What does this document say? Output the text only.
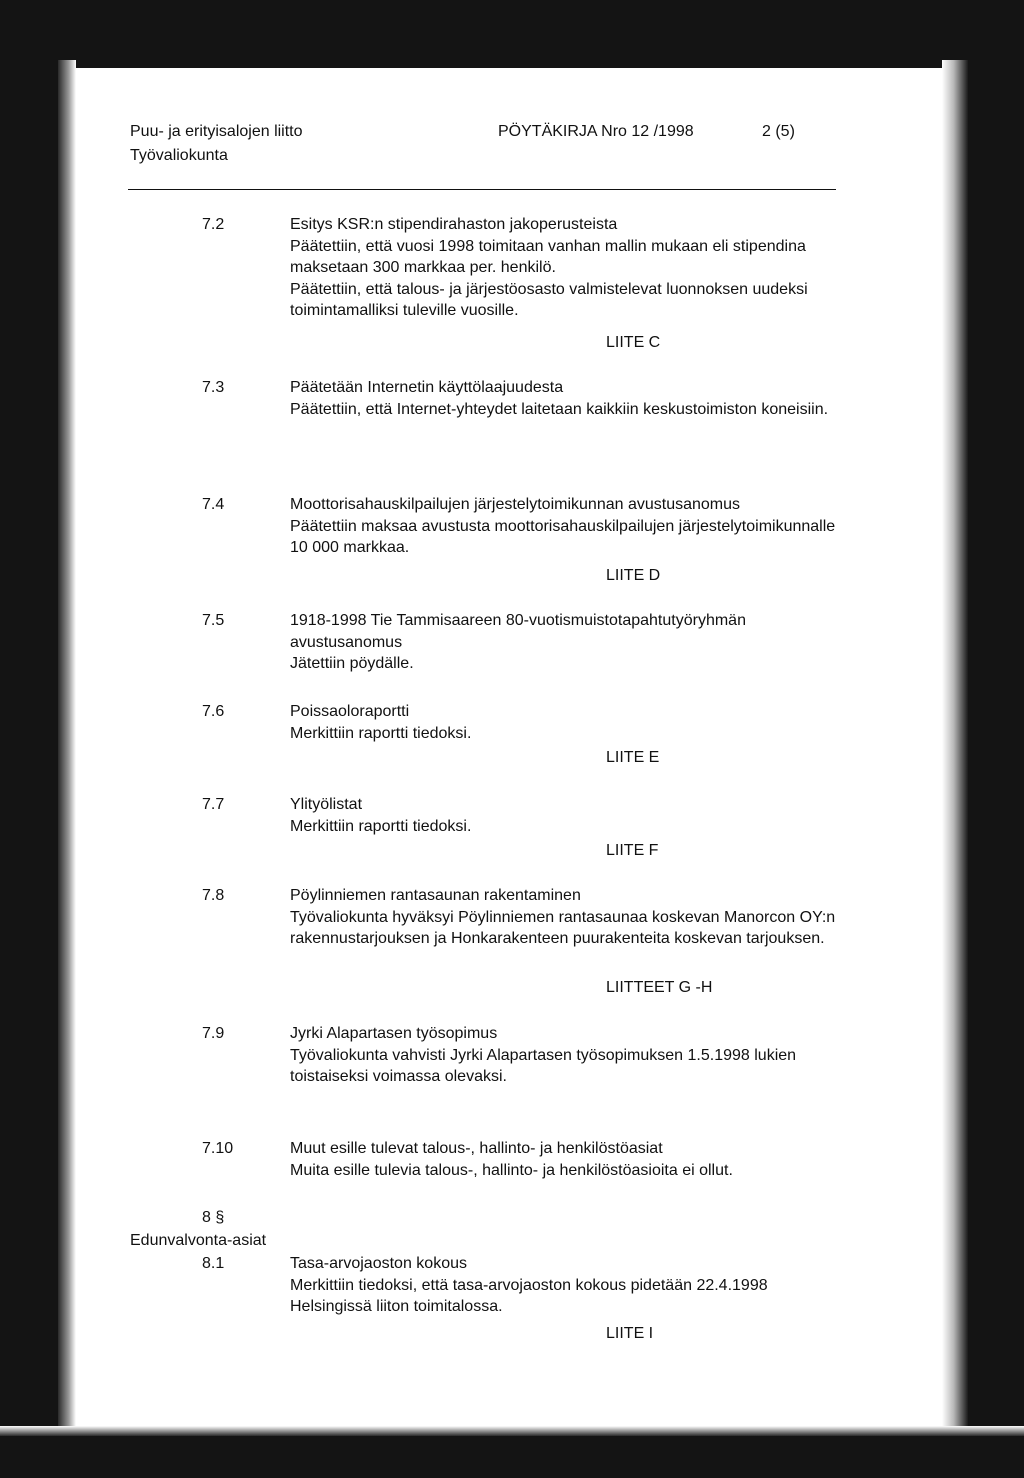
Puu- ja erityisalojen liitto
Työvaliokunta
PÖYTÄKIRJA Nro 12 /1998	2 (5)
7.2	Esitys KSR:n stipendirahaston jakoperusteista

Päätettiin, että vuosi 1998 toimitaan vanhan mallin mukaan eli stipendina maksetaan 300 markkaa per. henkilö.

Päätettiin, että talous- ja järjestöosasto valmistelevat luonnoksen uudeksi toimintamalliksi tuleville vuosille.

LIITE C
7.3	Päätetään Internetin käyttölaajuudesta

Päätettiin, että Internet-yhteydet laitetaan kaikkiin keskustoimiston koneisiin.

7.4	Moottorisahauskilpailujen järjestelytoimikunnan avustusanomus

Päätettiin maksaa avustusta moottorisahauskilpailujen järjestelytoimikunnalle 10 000 markkaa.

LIITE D
7.5	1918-1998 Tie Tammisaareen 80-vuotismuistotapahtutyöryhmän avustusanomus

Jätettiin pöydälle.

7.6	Poissaoloraportti

Merkittiin raportti tiedoksi.

LIITE E
7.7	Ylityölistat

Merkittiin raportti tiedoksi.

LIITE F
7.8	Pöylinniemen rantasaunan rakentaminen

Työvaliokunta hyväksyi Pöylinniemen rantasaunaa koskevan Manorcon OY:n rakennustarjouksen ja Honkarakenteen puurakenteita koskevan tarjouksen.

LIITTEET G -H
7.9	Jyrki Alapartasen työsopimus

Työvaliokunta vahvisti Jyrki Alapartasen työsopimuksen 1.5.1998 lukien toistaiseksi voimassa olevaksi.

7.10	Muut esille tulevat talous-, hallinto- ja henkilöstöasiat

Muita esille tulevia talous-, hallinto- ja henkilöstöasioita ei ollut.

8 §
Edunvalvonta-asiat
8.1	Tasa-arvojaoston kokous

Merkittiin tiedoksi, että tasa-arvojaoston kokous pidetään 22.4.1998 Helsingissä liiton toimitalossa.

LIITE I
